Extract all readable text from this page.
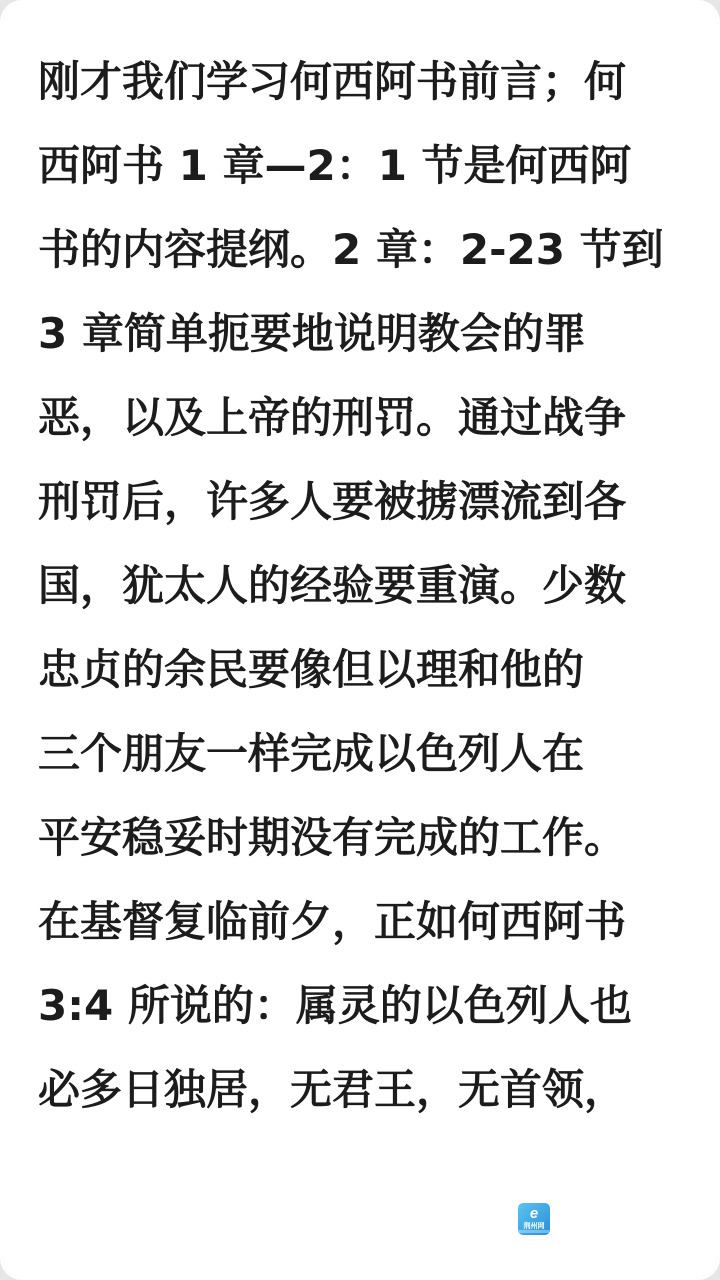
刚才我们学习何西阿书前言；何
西阿书 1 章—2：1 节是何西阿
书的内容提纲。2 章：2-23 节到
3 章简单扼要地说明教会的罪
恶，以及上帝的刑罚。通过战争
刑罚后，许多人要被掳漂流到各
国，犹太人的经验要重演。少数
忠贞的余民要像但以理和他的
三个朋友一样完成以色列人在
平安稳妥时期没有完成的工作。
在基督复临前夕，正如何西阿书
3:4 所说的：属灵的以色列人也
必多日独居，无君王，无首领，
e
荆州网
